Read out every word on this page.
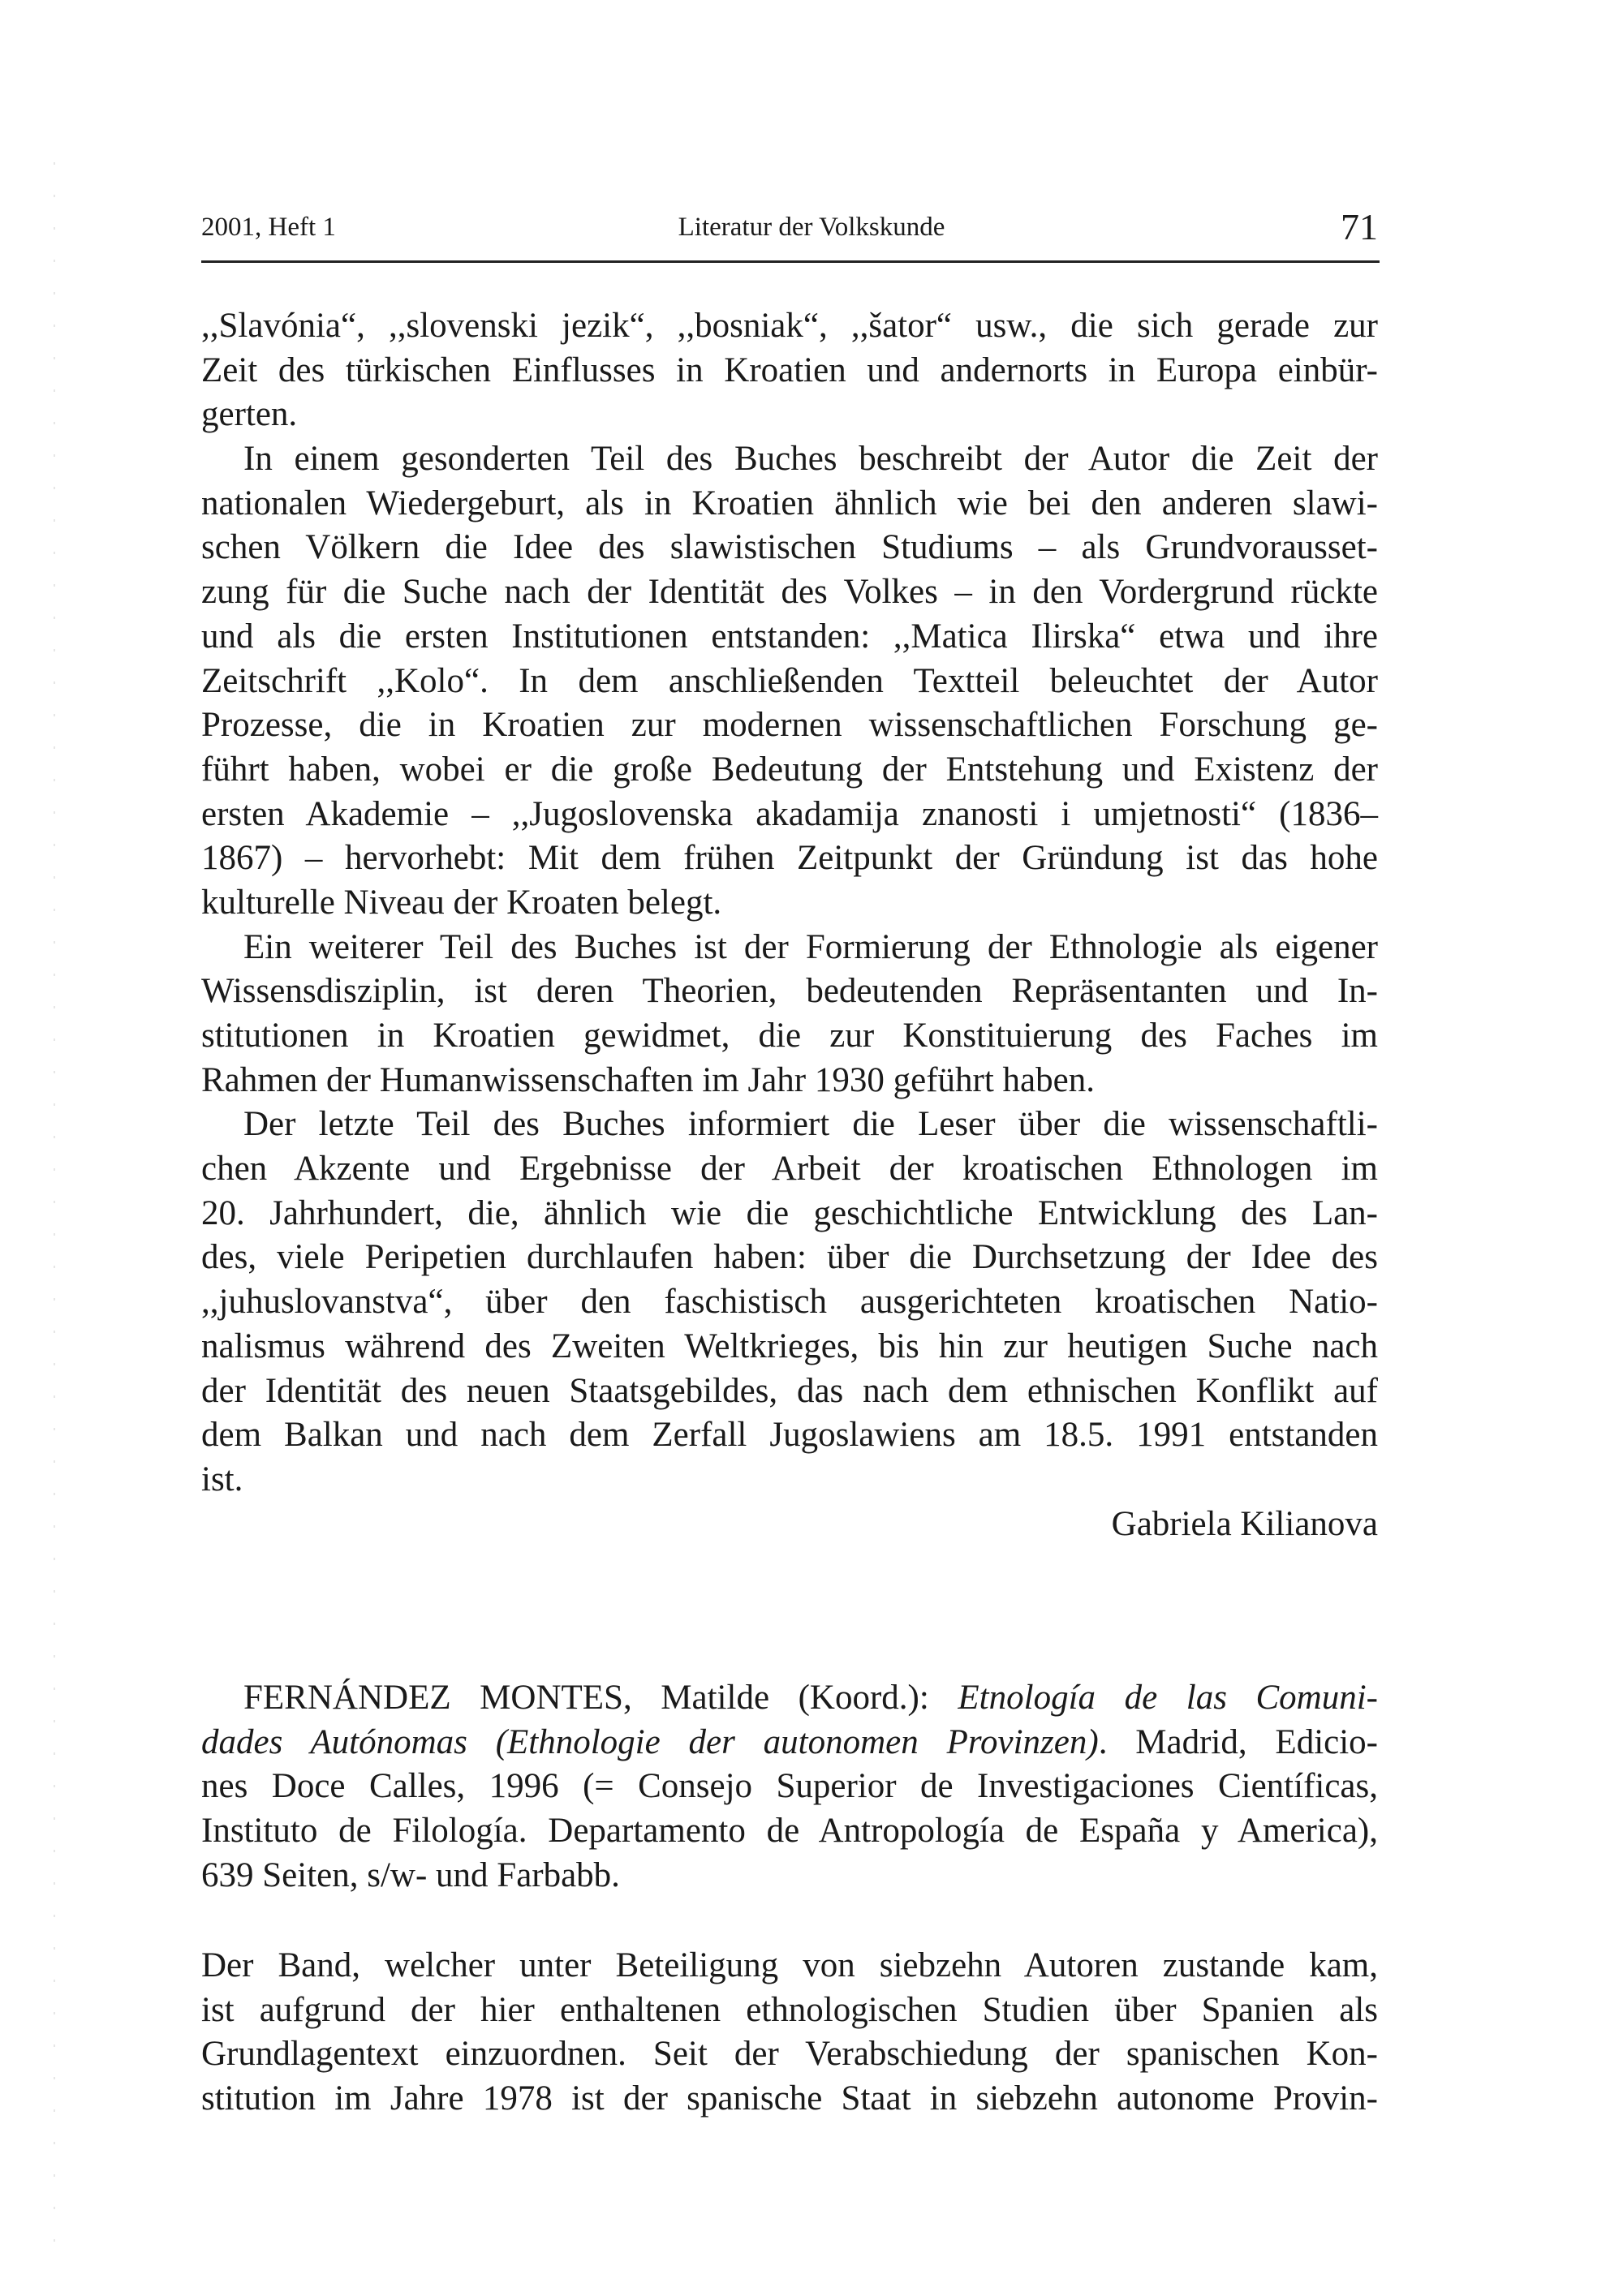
2001, Heft 1	Literatur der Volkskunde	71
,,Slavónia“, ,,slovenski jezik“, ,,bosniak“, ,,šator“ usw., die sich gerade zur
Zeit des türkischen Einflusses in Kroatien und andernorts in Europa einbür-
gerten.
In einem gesonderten Teil des Buches beschreibt der Autor die Zeit der
nationalen Wiedergeburt, als in Kroatien ähnlich wie bei den anderen slawi-
schen Völkern die Idee des slawistischen Studiums – als Grundvorausset-
zung für die Suche nach der Identität des Volkes – in den Vordergrund rückte
und als die ersten Institutionen entstanden: ,,Matica Ilirska“ etwa und ihre
Zeitschrift ,,Kolo“. In dem anschließenden Textteil beleuchtet der Autor
Prozesse, die in Kroatien zur modernen wissenschaftlichen Forschung ge-
führt haben, wobei er die große Bedeutung der Entstehung und Existenz der
ersten Akademie – ,,Jugoslovenska akadamija znanosti i umjetnosti“ (1836–
1867) – hervorhebt: Mit dem frühen Zeitpunkt der Gründung ist das hohe
kulturelle Niveau der Kroaten belegt.
Ein weiterer Teil des Buches ist der Formierung der Ethnologie als eigener
Wissensdisziplin, ist deren Theorien, bedeutenden Repräsentanten und In-
stitutionen in Kroatien gewidmet, die zur Konstituierung des Faches im
Rahmen der Humanwissenschaften im Jahr 1930 geführt haben.
Der letzte Teil des Buches informiert die Leser über die wissenschaftli-
chen Akzente und Ergebnisse der Arbeit der kroatischen Ethnologen im
20. Jahrhundert, die, ähnlich wie die geschichtliche Entwicklung des Lan-
des, viele Peripetien durchlaufen haben: über die Durchsetzung der Idee des
,,juhuslovanstva“, über den faschistisch ausgerichteten kroatischen Natio-
nalismus während des Zweiten Weltkrieges, bis hin zur heutigen Suche nach
der Identität des neuen Staatsgebildes, das nach dem ethnischen Konflikt auf
dem Balkan und nach dem Zerfall Jugoslawiens am 18.5. 1991 entstanden
ist.
Gabriela Kilianova
FERNÁNDEZ MONTES, Matilde (Koord.): Etnología de las Comuni-
dades Autónomas (Ethnologie der autonomen Provinzen). Madrid, Edicio-
nes Doce Calles, 1996 (= Consejo Superior de Investigaciones Científicas,
Instituto de Filología. Departamento de Antropología de España y America),
639 Seiten, s/w- und Farbabb.
Der Band, welcher unter Beteiligung von siebzehn Autoren zustande kam,
ist aufgrund der hier enthaltenen ethnologischen Studien über Spanien als
Grundlagentext einzuordnen. Seit der Verabschiedung der spanischen Kon-
stitution im Jahre 1978 ist der spanische Staat in siebzehn autonome Provin-
